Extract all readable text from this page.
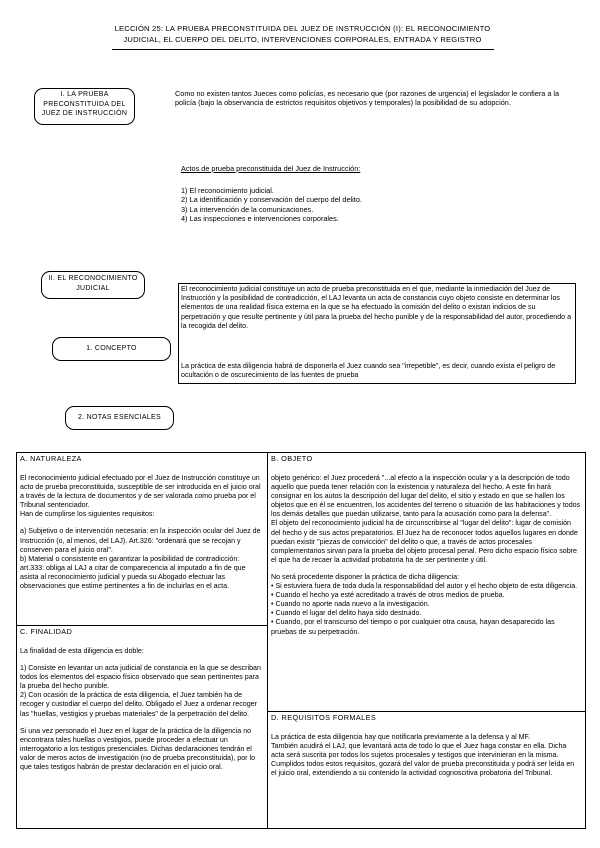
LECCIÓN 25: LA PRUEBA PRECONSTITUIDA DEL JUEZ DE INSTRUCCIÓN (I): EL RECONOCIMIENTO
JUDICIAL, EL CUERPO DEL DELITO, INTERVENCIONES CORPORALES, ENTRADA Y REGISTRO
I. LA PRUEBA
PRECONSTITUIDA DEL
JUEZ DE INSTRUCCIÓN
Como no existen tantos Jueces como policías, es necesario que (por razones de urgencia) el legislador le confiera a la policía (bajo la observancia de estrictos requisitos objetivos y temporales) la posibilidad de su adopción.
Actos de prueba preconstituida del Juez de Instrucción:
1) El reconocimiento judicial.
2) La identificación y conservación del cuerpo del delito.
3) La intervención de la comunicaciones.
4) Las inspecciones e intervenciones corporales.
II. EL RECONOCIMIENTO
JUDICIAL
1. CONCEPTO
El reconocimiento judicial constituye un acto de prueba preconstituida en el que, mediante la inmediación del Juez de Instrucción y la posibilidad de contradicción, el LAJ levanta un acta de constancia cuyo objeto consiste en determinar los elementos de una realidad física externa en la que se ha efectuado la comisión del delito o existan indicios de su perpetración y que resulte pertinente y útil para la prueba del hecho punible y de la responsabilidad del autor, procediendo a la recogida del delito.
La práctica de esta diligencia habrá de disponerla el Juez cuando sea "irrepetible", es decir, cuando exista el peligro de ocultación o de oscurecimiento de las fuentes de prueba
2. NOTAS ESENCIALES
A. NATURALEZA

El reconocimiento judicial efectuado por el Juez de Instrucción constituye un acto de prueba preconstituida, susceptible de ser introducida en el juicio oral a través de la lectura de documentos y de ser valorada como prueba por el Tribunal sentenciador.

Han de cumplirse los siguientes requisitos:

a) Subjetivo o de intervención necesaria: en la inspección ocular del Juez de Instrucción (o, al menos, del LAJ). Art.326: "ordenará que se recojan y conserven para el juicio oral".

b) Material o consistente en garantizar la posibilidad de contradicción: art.333: obliga al LAJ a citar de comparecencia al imputado a fin de que asista al reconocimiento judicial y pueda su Abogado efectuar las observaciones que estime pertinentes a fin de incluirlas en el acta.

B. OBJETO

objeto genérico: el Juez procederá "...al efecto a la inspección ocular y a la descripción de todo aquello que pueda tener relación con la existencia y naturaleza del hecho. A este fin hará consignar en los autos la descripción del lugar del delito, el sitio y estado en que se hallen los objetos que en él se encuentren, los accidentes del terreno o situación de las habitaciones y todos los demás detalles que puedan utilizarse, tanto para la acusación como para la defensa".

El objeto del reconocimiento judicial ha de circunscribirse al "lugar del delito": lugar de comisión del hecho y de sus actos preparatorios. El Juez ha de reconocer todos aquellos lugares en donde puedan existir "piezas de convicción" del delito o que, a través de actos procesales complementarios sirvan para la prueba del objeto procesal penal. Pero dicho espacio físico sobre el que ha de recaer la actividad probatoria ha de ser pertinente y útil.

No será procedente disponer la práctica de dicha diligencia:

• Si estuviera fuera de toda duda la responsabilidad del autor y el hecho objeto de esta diligencia.
• Cuando el hecho ya esté acreditado a través de otros medios de prueba.
• Cuando no aporte nada nuevo a la investigación.
• Cuando el lugar del delito haya sido destruido.
• Cuando, por el transcurso del tiempo o por cualquier otra causa, hayan desaparecido las pruebas de su perpetración.
C. FINALIDAD

La finalidad de esta diligencia es doble:

1) Consiste en levantar un acta judicial de constancia en la que se describan todos los elementos del espacio físico observado que sean pertinentes para la prueba del hecho punible.

2) Con ocasión de la práctica de esta diligencia, el Juez también ha de recoger y custodiar el cuerpo del delito. Obligado el Juez a ordenar recoger las "huellas, vestigios y pruebas materiales" de la perpetración del delito.

Si una vez personado el Juez en el lugar de la práctica de la diligencia no encontrara tales huellas o vestigios, puede proceder a efectuar un interrogatorio a los testigos presenciales. Dichas declaraciones tendrán el valor de meros actos de investigación (no de prueba preconstituida), por lo que tales testigos habrán de prestar declaración en el juicio oral.

D. REQUISITOS FORMALES

La práctica de esta diligencia hay que notificarla previamente a la defensa y al MF.

También acudirá el LAJ, que levantará acta de todo lo que el Juez haga constar en ella. Dicha acta será suscrita por todos los sujetos procesales y testigos que intervinieran en la misma.

Cumplidos todos estos requisitos, gozará del valor de prueba preconstituida y podrá ser leída en el juicio oral, extendiendo a su contenido la actividad cognoscitiva probatoria del Tribunal.
